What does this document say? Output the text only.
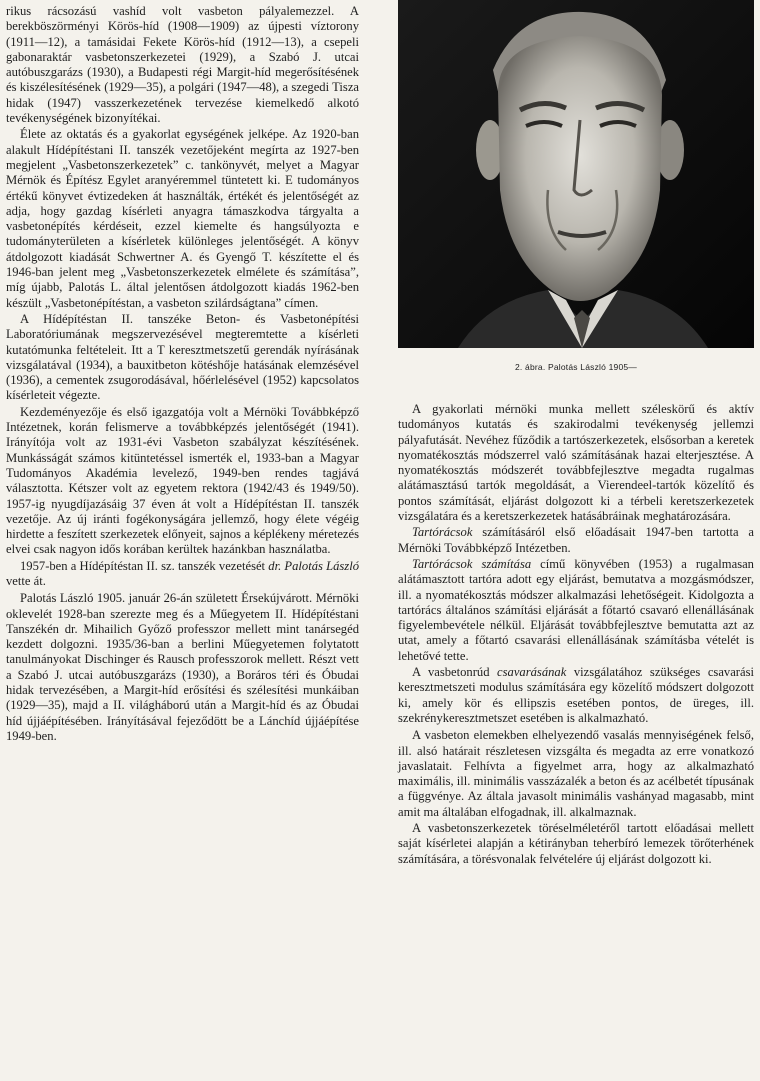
rikus rácsozású vashíd volt vasbeton pályalemezzel. A berekböszörményi Körös-híd (1908—1909) az újpesti víztorony (1911—12), a tamásidai Fekete Körös-híd (1912—13), a csepeli gabonaraktár vasbetonszerkezetei (1929), a Szabó J. utcai autóbuszgarázs (1930), a Budapesti régi Margit-híd megerősítésének és kiszélesítésének (1929—35), a polgári (1947—48), a szegedi Tisza hidak (1947) vasszerkezetének tervezése kiemelkedő alkotó tevékenységének bizonyítékai.

Élete az oktatás és a gyakorlat egységének jelképe. Az 1920-ban alakult Hídépítéstani II. tanszék vezetőjeként megírta az 1927-ben megjelent „Vasbetonszerkezetek” c. tankönyvét, melyet a Magyar Mérnök és Építész Egylet aranyéremmel tüntetett ki. E tudományos értékű könyvet évtizedeken át használták, értékét és jelentőségét az adja, hogy gazdag kísérleti anyagra támaszkodva tárgyalta a vasbetonépítés kérdéseit, ezzel kiemelte és hangsúlyozta e tudományterületen a kísérletek különleges jelentőségét. A könyv átdolgozott kiadását Schwertner A. és Gyengő T. készítette el és 1946-ban jelent meg „Vasbetonszerkezetek elmélete és számítása”, míg újabb, Palotás L. által jelentősen átdolgozott kiadás 1962-ben készült „Vasbetonépítéstan, a vasbeton szilárdságtana” címen.

A Hídépítéstan II. tanszéke Beton- és Vasbetonépítési Laboratóriumának megszervezésével megteremtette a kísérleti kutatómunka feltételeit. Itt a T keresztmetszetű gerendák nyírásának vizsgálatával (1934), a bauxitbeton kötéshője hatásának elemzésével (1936), a cementek zsugorodásával, hőérlelésével (1952) kapcsolatos kísérleteit végezte.

Kezdeményezője és első igazgatója volt a Mérnöki Továbbképző Intézetnek, korán felismerve a továbbképzés jelentőségét (1941). Irányítója volt az 1931-évi Vasbeton szabályzat készítésének. Munkásságát számos kitüntetéssel ismerték el, 1933-ban a Magyar Tudományos Akadémia levelező, 1949-ben rendes tagjává választotta. Kétszer volt az egyetem rektora (1942/43 és 1949/50). 1957-ig nyugdíjazásáig 37 éven át volt a Hídépítéstan II. tanszék vezetője. Az új iránti fogékonyságára jellemző, hogy élete végéig hirdette a feszített szerkezetek előnyeit, sajnos a képlékeny méretezés elvei csak nagyon idős korában kerültek hazánkban használatba.

1957-ben a Hídépítéstan II. sz. tanszék vezetését dr. Palotás László vette át.

Palotás László 1905. január 26-án született Érsekújvárott. Mérnöki oklevelét 1928-ban szerezte meg és a Műegyetem II. Hídépítéstani Tanszékén dr. Mihailich Győző professzor mellett mint tanársegéd kezdett dolgozni. 1935/36-ban a berlini Műegyetemen folytatott tanulmányokat Dischinger és Rausch professzorok mellett. Részt vett a Szabó J. utcai autóbuszgarázs (1930), a Boráros téri és Óbudai hidak tervezésében, a Margit-híd erősítési és szélesítési munkáiban (1929—35), majd a II. világháború után a Margit-híd és az Óbudai híd újjáépítésében. Irányításával fejeződött be a Lánchíd újjáépítése 1949-ben.

2. ábra. Palotás László 1905—

A gyakorlati mérnöki munka mellett széleskörű és aktív tudományos kutatás és szakirodalmi tevékenység jellemzi pályafutását. Nevéhez fűződik a tartószerkezetek, elsősorban a keretek nyomatékosztás módszerrel való számításának hazai elterjesztése. A nyomatékosztás módszerét továbbfejlesztve megadta rugalmas alátámasztású tartók megoldását, a Vierendeel-tartók közelítő és pontos számítását, eljárást dolgozott ki a térbeli keretszerkezetek vizsgálatára és a keretszerkezetek hatásábráinak meghatározására.

Tartórácsok számításáról első előadásait 1947-ben tartotta a Mérnöki Továbbképző Intézetben.

Tartórácsok számítása című könyvében (1953) a rugalmasan alátámasztott tartóra adott egy eljárást, bemutatva a mozgásmódszer, ill. a nyomatékosztás módszer alkalmazási lehetőségeit. Kidolgozta a tartórács általános számítási eljárását a főtartó csavaró ellenállásának figyelembevétele nélkül. Eljárását továbbfejlesztve bemutatta azt az utat, amely a főtartó csavarási ellenállásának számításba vételét is lehetővé tette.

A vasbetonrúd csavarásának vizsgálatához szükséges csavarási keresztmetszeti modulus számítására egy közelítő módszert dolgozott ki, amely kör és ellipszis esetében pontos, de üreges, ill. szekrénykeresztmetszet esetében is alkalmazható.

A vasbeton elemekben elhelyezendő vasalás mennyiségének felső, ill. alsó határait részletesen vizsgálta és megadta az erre vonatkozó javaslatait. Felhívta a figyelmet arra, hogy az alkalmazható maximális, ill. minimális vasszázalék a beton és az acélbetét típusának a függvénye. Az általa javasolt minimális vashányad magasabb, mint amit ma általában elfogadnak, ill. alkalmaznak.

A vasbetonszerkezetek töréselméletéről tartott előadásai mellett saját kísérletei alapján a kétirányban teherbíró lemezek törőterhének számítására, a törésvonalak felvételére új eljárást dolgozott ki.
